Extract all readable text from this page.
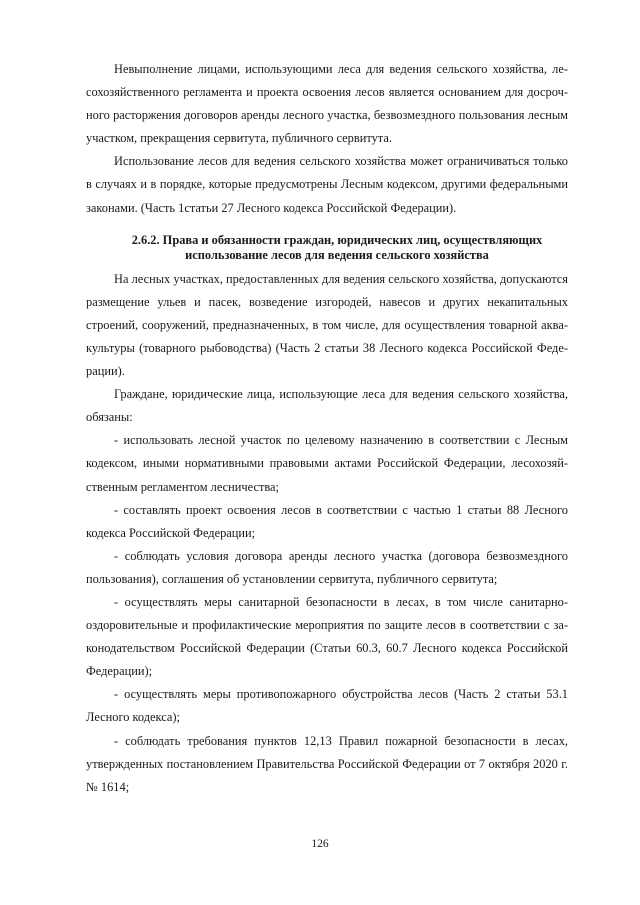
Невыполнение лицами, использующими леса для ведения сельского хозяйства, лесохозяйственного регламента и проекта освоения лесов является основанием для досрочного расторжения договоров аренды лесного участка, безвозмездного пользования лесным участком, прекращения сервитута, публичного сервитута.

Использование лесов для ведения сельского хозяйства может ограничиваться только в случаях и в порядке, которые предусмотрены Лесным кодексом, другими федеральными законами. (Часть 1статьи 27 Лесного кодекса Российской Федерации).

2.6.2. Права и обязанности граждан, юридических лиц, осуществляющих использование лесов для ведения сельского хозяйства

На лесных участках, предоставленных для ведения сельского хозяйства, допускаются размещение ульев и пасек, возведение изгородей, навесов и других некапитальных строений, сооружений, предназначенных, в том числе, для осуществления товарной аквакультуры (товарного рыбоводства) (Часть 2 статьи 38 Лесного кодекса Российской Федерации).

Граждане, юридические лица, использующие леса для ведения сельского хозяйства, обязаны:

- использовать лесной участок по целевому назначению в соответствии с Лесным кодексом, иными нормативными правовыми актами Российской Федерации, лесохозяйственным регламентом лесничества;

- составлять проект освоения лесов в соответствии с частью 1 статьи 88 Лесного кодекса Российской Федерации;

- соблюдать условия договора аренды лесного участка (договора безвозмездного пользования), соглашения об установлении сервитута, публичного сервитута;

- осуществлять меры санитарной безопасности в лесах, в том числе санитарно-оздоровительные и профилактические мероприятия по защите лесов в соответствии с законодательством Российской Федерации (Статьи 60.3, 60.7 Лесного кодекса Российской Федерации);

- осуществлять меры противопожарного обустройства лесов (Часть 2 статьи 53.1 Лесного кодекса);

- соблюдать требования пунктов 12,13 Правил пожарной безопасности в лесах, утвержденных постановлением Правительства Российской Федерации от 7 октября 2020 г. № 1614;

126
